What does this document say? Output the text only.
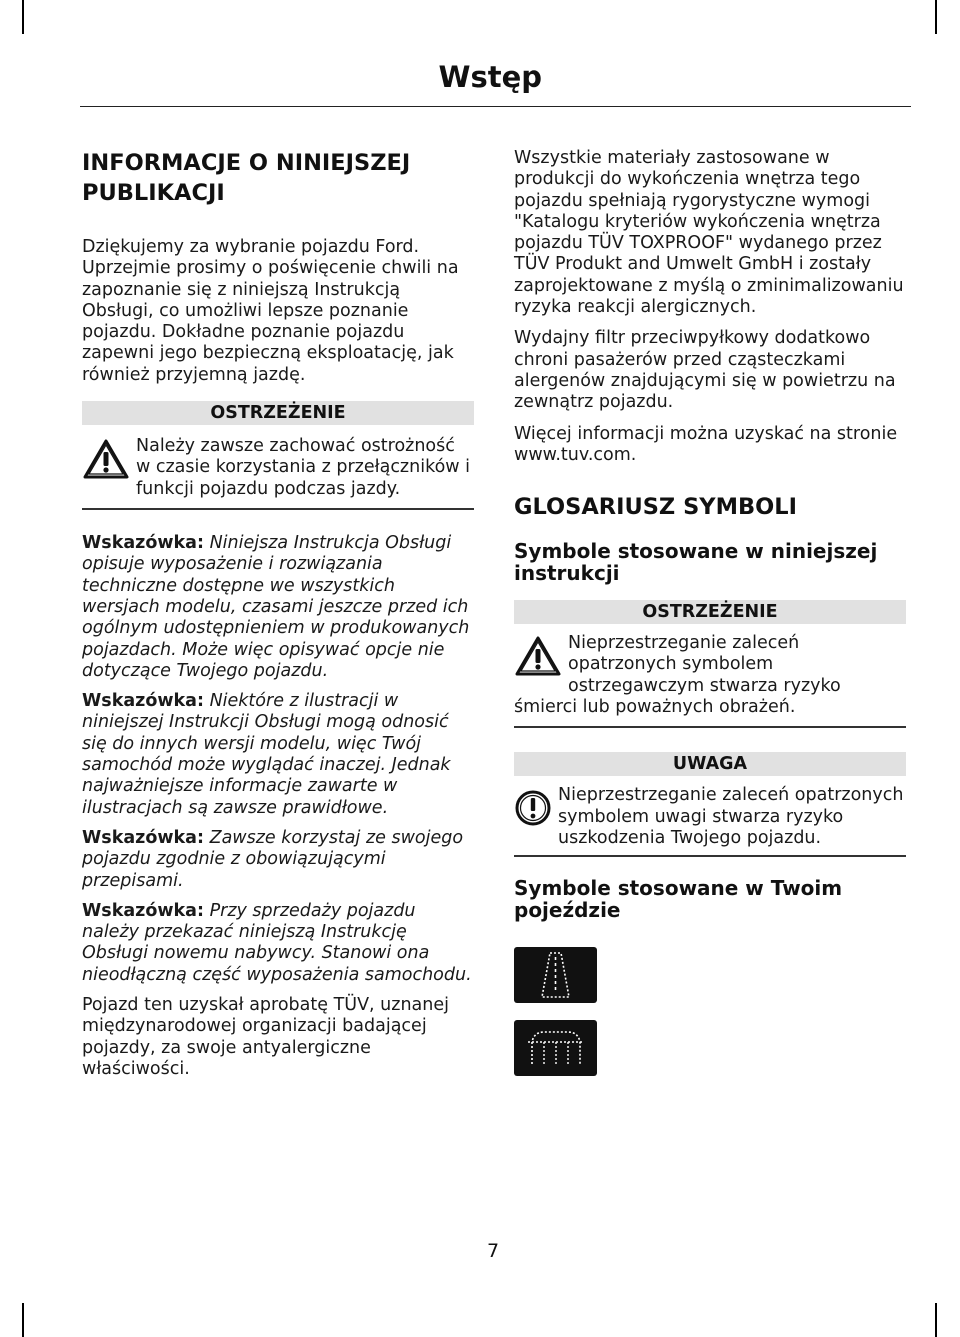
Wstęp
INFORMACJE O NINIEJSZEJ PUBLIKACJI

Dziękujemy za wybranie pojazdu Ford. Uprzejmie prosimy o poświęcenie chwili na zapoznanie się z niniejszą Instrukcją Obsługi, co umożliwi lepsze poznanie pojazdu. Dokładne poznanie pojazdu zapewni jego bezpieczną eksploatację, jak również przyjemną jazdę.

OSTRZEŻENIE
Należy zawsze zachować ostrożność w czasie korzystania z przełączników i funkcji pojazdu podczas jazdy.

Wskazówka: Niniejsza Instrukcja Obsługi opisuje wyposażenie i rozwiązania techniczne dostępne we wszystkich wersjach modelu, czasami jeszcze przed ich ogólnym udostępnieniem w produkowanych pojazdach. Może więc opisywać opcje nie dotyczące Twojego pojazdu.

Wskazówka: Niektóre z ilustracji w niniejszej Instrukcji Obsługi mogą odnosić się do innych wersji modelu, więc Twój samochód może wyglądać inaczej. Jednak najważniejsze informacje zawarte w ilustracjach są zawsze prawidłowe.

Wskazówka: Zawsze korzystaj ze swojego pojazdu zgodnie z obowiązującymi przepisami.

Wskazówka: Przy sprzedaży pojazdu należy przekazać niniejszą Instrukcję Obsługi nowemu nabywcy. Stanowi ona nieodłączną część wyposażenia samochodu.

Pojazd ten uzyskał aprobatę TÜV, uznanej międzynarodowej organizacji badającej pojazdy, za swoje antyalergiczne właściwości.

Wszystkie materiały zastosowane w produkcji do wykończenia wnętrza tego pojazdu spełniają rygorystyczne wymogi "Katalogu kryteriów wykończenia wnętrza pojazdu TÜV TOXPROOF" wydanego przez TÜV Produkt and Umwelt GmbH i zostały zaprojektowane z myślą o zminimalizowaniu ryzyka reakcji alergicznych.

Wydajny filtr przeciwpyłkowy dodatkowo chroni pasażerów przed cząsteczkami alergenów znajdującymi się w powietrzu na zewnątrz pojazdu.

Więcej informacji można uzyskać na stronie www.tuv.com.

GLOSARIUSZ SYMBOLI
Symbole stosowane w niniejszej instrukcji
OSTRZEŻENIE
Nieprzestrzeganie zaleceń opatrzonych symbolem ostrzegawczym stwarza ryzyko śmierci lub poważnych obrażeń.
UWAGA
Nieprzestrzeganie zaleceń opatrzonych symbolem uwagi stwarza ryzyko uszkodzenia Twojego pojazdu.
Symbole stosowane w Twoim pojeździe
7
